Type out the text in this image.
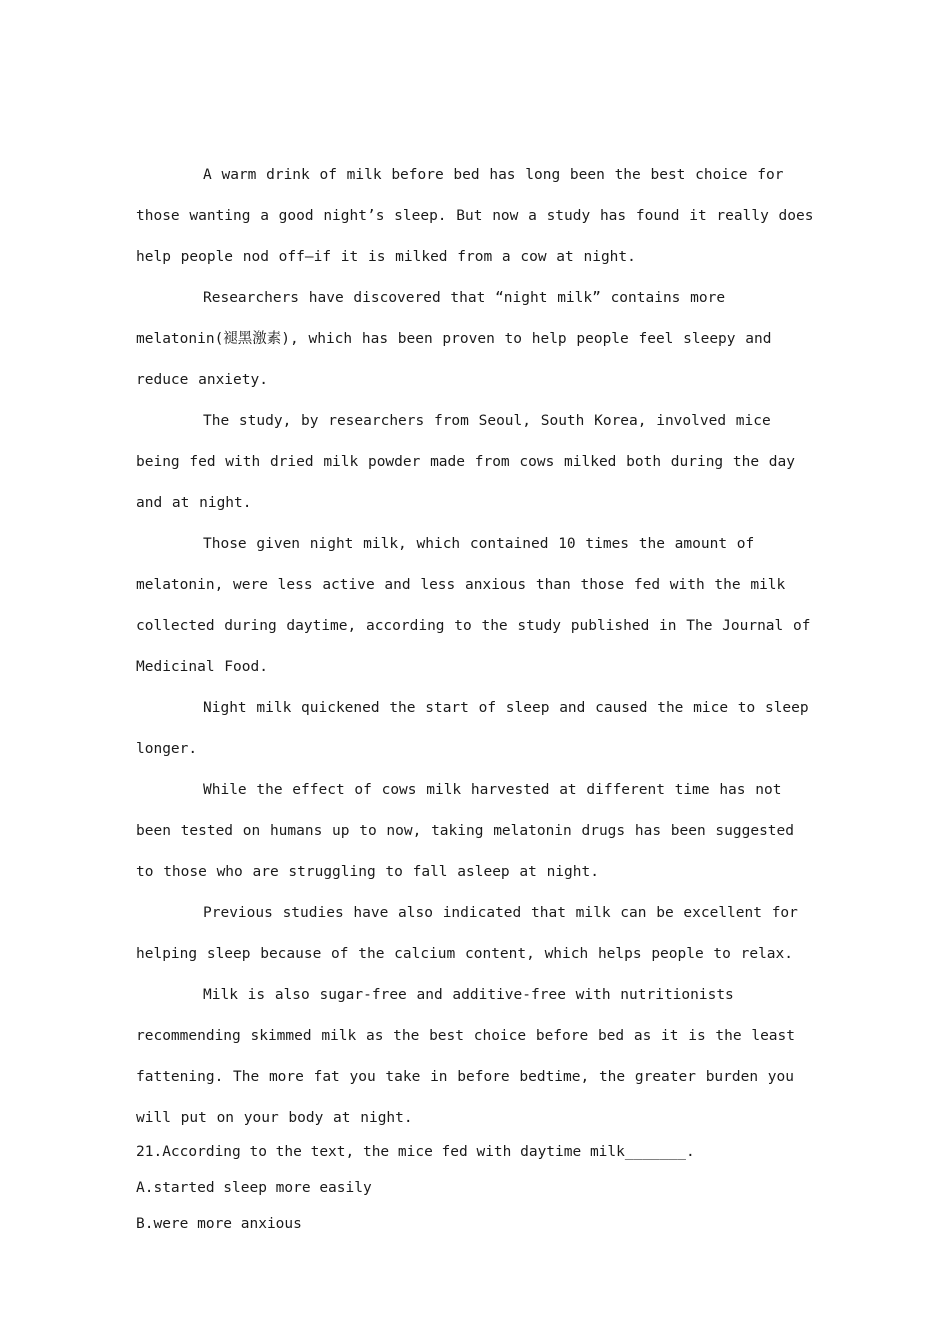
A warm drink of milk before bed has long been the best choice for those wanting a good night’s sleep. But now a study has found it really does help people nod off—if it is milked from a cow at night.

Researchers have discovered that “night milk” contains more melatonin(褪黑激素), which has been proven to help people feel sleepy and reduce anxiety.

The study, by researchers from Seoul, South Korea, involved mice being fed with dried milk powder made from cows milked both during the day and at night.

Those given night milk, which contained 10 times the amount of melatonin, were less active and less anxious than those fed with the milk collected during daytime, according to the study published in The Journal of Medicinal Food.

Night milk quickened the start of sleep and caused the mice to sleep longer.

While the effect of cows milk harvested at different time has not been tested on humans up to now, taking melatonin drugs has been suggested to those who are struggling to fall asleep at night.

Previous studies have also indicated that milk can be excellent for helping sleep because of the calcium content, which helps people to relax.

Milk is also sugar-free and additive-free with nutritionists recommending skimmed milk as the best choice before bed as it is the least fattening. The more fat you take in before bedtime, the greater burden you will put on your body at night.

21.According to the text, the mice fed with daytime milk_______.

A.started sleep more easily

B.were more anxious
